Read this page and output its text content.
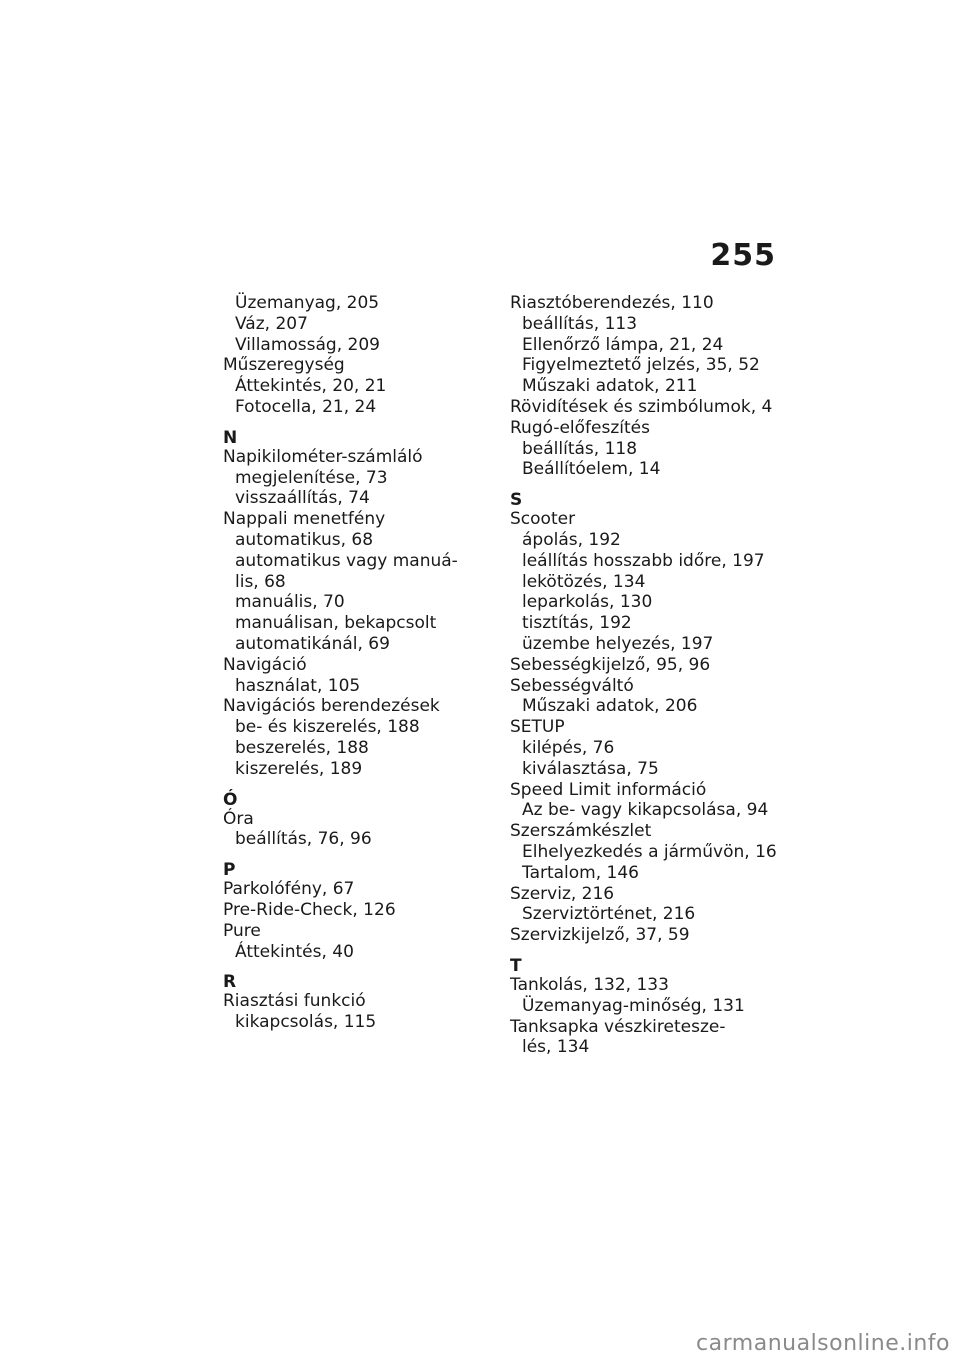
255
Üzemanyag, 205
Váz, 207
Villamosság, 209
Műszeregység
Áttekintés, 20, 21
Fotocella, 21, 24
N
Napikilométer-számláló
megjelenítése, 73
visszaállítás, 74
Nappali menetfény
automatikus, 68
automatikus vagy manuá-
lis, 68
manuális, 70
manuálisan, bekapcsolt
automatikánál, 69
Navigáció
használat, 105
Navigációs berendezések
be- és kiszerelés, 188
beszerelés, 188
kiszerelés, 189
Ó
Óra
beállítás, 76, 96
P
Parkolófény, 67
Pre-Ride-Check, 126
Pure
Áttekintés, 40
R
Riasztási funkció
kikapcsolás, 115
Riasztóberendezés, 110
beállítás, 113
Ellenőrző lámpa, 21, 24
Figyelmeztető jelzés, 35, 52
Műszaki adatok, 211
Rövidítések és szimbólumok, 4
Rugó-előfeszítés
beállítás, 118
Beállítóelem, 14
S
Scooter
ápolás, 192
leállítás hosszabb időre, 197
lekötözés, 134
leparkolás, 130
tisztítás, 192
üzembe helyezés, 197
Sebességkijelző, 95, 96
Sebességváltó
Műszaki adatok, 206
SETUP
kilépés, 76
kiválasztása, 75
Speed Limit információ
Az be- vagy kikapcsolása, 94
Szerszámkészlet
Elhelyezkedés a járművön, 16
Tartalom, 146
Szerviz, 216
Szerviztörténet, 216
Szervizkijelző, 37, 59
T
Tankolás, 132, 133
Üzemanyag-minőség, 131
Tanksapka vészkiretesze-
lés, 134
carmanualsonline.info
